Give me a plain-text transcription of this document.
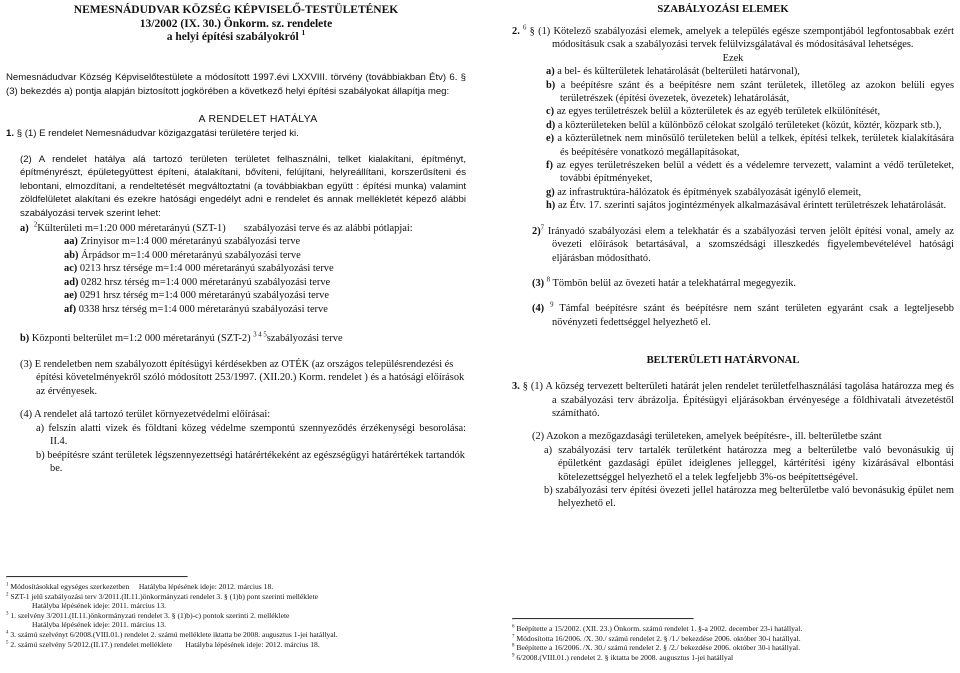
NEMESNÁDUDVAR KÖZSÉG KÉPVISELŐ-TESTÜLETÉNEK

13/2002 (IX. 30.) Önkorm. sz. rendelete

a helyi építési szabályokról $^1$

Nemesnádudvar Község Képviselőtestülete a módosított 1997.évi LXXVIII. törvény (továbbiakban Étv) 6. § (3) bekezdés a) pontja alapján biztosított jogkörében a következő helyi építési szabályokat állapítja meg:

A RENDELET HATÁLYA

1. § (1) E rendelet Nemesnádudvar közigazgatási területére terjed ki.

(2) A rendelet hatálya alá tartozó területen területet felhasználni, telket kialakítani, építményt, építményrészt, épületegyüttest építeni, átalakítani, bővíteni, felújítani, helyreállítani, korszerűsíteni és lebontani, elmozdítani, a rendeltetését megváltoztatni (a továbbiakban együtt : építési munka) valamint zöldfelületet alakítani és ezekre hatósági engedélyt adni e rendelet és annak mellékletét képező alábbi szabályozási tervek szerint lehet:

a) $^2$Külterületi m=1:20 000 méretarányú (SZT-1) szabályozási terve és az alábbi pótlapjai:

aa) Zrinyisor m=1:4 000 méretarányú szabályozási terve

ab) Árpádsor m=1:4 000 méretarányú szabályozási terve

ac) 0213 hrsz térsége m=1:4 000 méretarányú szabályozási terve

ad) 0282 hrsz térség m=1:4 000 méretarányú szabályozási terve

ae) 0291 hrsz térség m=1:4 000 méretarányú szabályozási terve

af) 0338 hrsz térség m=1:4 000 méretarányú szabályozási terve

b) Központi belterület m=1:2 000 méretarányú (SZT-2) $^{3 4 5}$szabályozási terve

(3) E rendeletben nem szabályozott építésügyi kérdésekben az OTÉK (az országos településrendezési és építési követelményekről szóló módosított 253/1997. (XII.20.) Korm. rendelet ) és a hatósági előírások az érvényesek.

(4) A rendelet alá tartozó terület környezetvédelmi előírásai:

a) felszín alatti vizek és földtani közeg védelme szempontú szennyeződés érzékenységi besorolása: II.4.

b) beépítésre szánt területek légszennyezettségi határértékeként az egészségügyi határértékek tartandók be.

$^1$ Módosításokkal egységes szerkezetben Hatályba lépésének ideje: 2012. március 18.

$^2$ SZT-1 jelű szabályozási terv 3/2011.(II.11.)önkormányzati rendelet 3. § (1)b) pont szerinti melléklete

Hatályba lépésének ideje: 2011. március 13.

$^3$ 1. szelvény 3/2011.(II.11.)önkormányzati rendelet 3. § (1)b)-c) pontok szerinti 2. melléklete

Hatályba lépésének ideje: 2011. március 13.

$^4$ 3. számú szelvényt 6/2008.(VIII.01.) rendelet 2. számú melléklete iktatta be 2008. augusztus 1-jei hatállyal.

$^5$ 2. számú szelvény 5/2012.(II.17.) rendelet melléklete Hatályba lépésének ideje: 2012. március 18.

SZABÁLYOZÁSI ELEMEK

2. $^6$ § (1) Kötelező szabályozási elemek, amelyek a település egésze szempontjából legfontosabbak ezért módosításuk csak a szabályozási tervek felülvizsgálatával és módosításával lehetséges.

Ezek

a) a bel- és külterületek lehatárolását (belterületi határvonal),

b) a beépítésre szánt és a beépítésre nem szánt területek, illetőleg az azokon belüli egyes területrészek (építési övezetek, övezetek) lehatárolását,

c) az egyes területrészek belül a közterületek és az egyéb területek elkülönítését,

d) a közterületeken belül a különböző célokat szolgáló területeket (közút, köztér, közpark stb.),

e) a közterületnek nem minősülő területeken belül a telkek, építési telkek, területek kialakítására és beépítésére vonatkozó megállapításokat,

f) az egyes területrészeken belül a védett és a védelemre tervezett, valamint a védő területeket, további építményeket,

g) az infrastruktúra-hálózatok és építmények szabályozását igénylő elemeit,

h) az Étv. 17. szerinti sajátos jogintézmények alkalmazásával érintett területrészek lehatárolását.

2)$^7$ Irányadó szabályozási elem a telekhatár és a szabályozási terven jelölt építési vonal, amely az övezeti előírások betartásával, a szomszédsági illeszkedés figyelembevételével hatósági eljárásban módosítható.

(3) $^8$ Tömbön belül az övezeti határ a telekhatárral megegyezik.

(4) $^9$ Támfal beépítésre szánt és beépítésre nem szánt területen egyaránt csak a legteljesebb növényzeti fedettséggel helyezhető el.

BELTERÜLETI HATÁRVONAL

3. § (1) A község tervezett belterületi határát jelen rendelet területfelhasználási tagolása határozza meg és a szabályozási terv ábrázolja. Építésügyi eljárásokban érvényesége a földhivatali átvezetéstől számítható.

(2) Azokon a mezőgazdasági területeken, amelyek beépítésre-, ill. belterületbe szánt

a) szabályozási terv tartalék területként határozza meg a belterületbe való bevonásukig új épületként gazdasági épület ideiglenes jelleggel, kártérítési igény kizárásával elbontási kötelezettséggel helyezhető el a telek legfeljebb 3%-os beépítettségével.

b) szabályozási terv építési övezeti jellel határozza meg belterületbe való bevonásukig épület nem helyezhető el.

$^6$ Beépítette a 15/2002. (XII. 23.) Önkorm. számú rendelet 1. §-a 2002. december 23-i hatállyal.

$^7$ Módosította 16/2006. /X. 30./ számú rendelet 2. § /1./ bekezdése 2006. október 30-i hatállyal.

$^8$ Beépítette a 16/2006. /X. 30./ számú rendelet 2. § /2./ bekezdése 2006. október 30-i hatállyal.

$^9$ 6/2008.(VIII.01.) rendelet 2. § iktatta be 2008. augusztus 1-jei hatállyal
